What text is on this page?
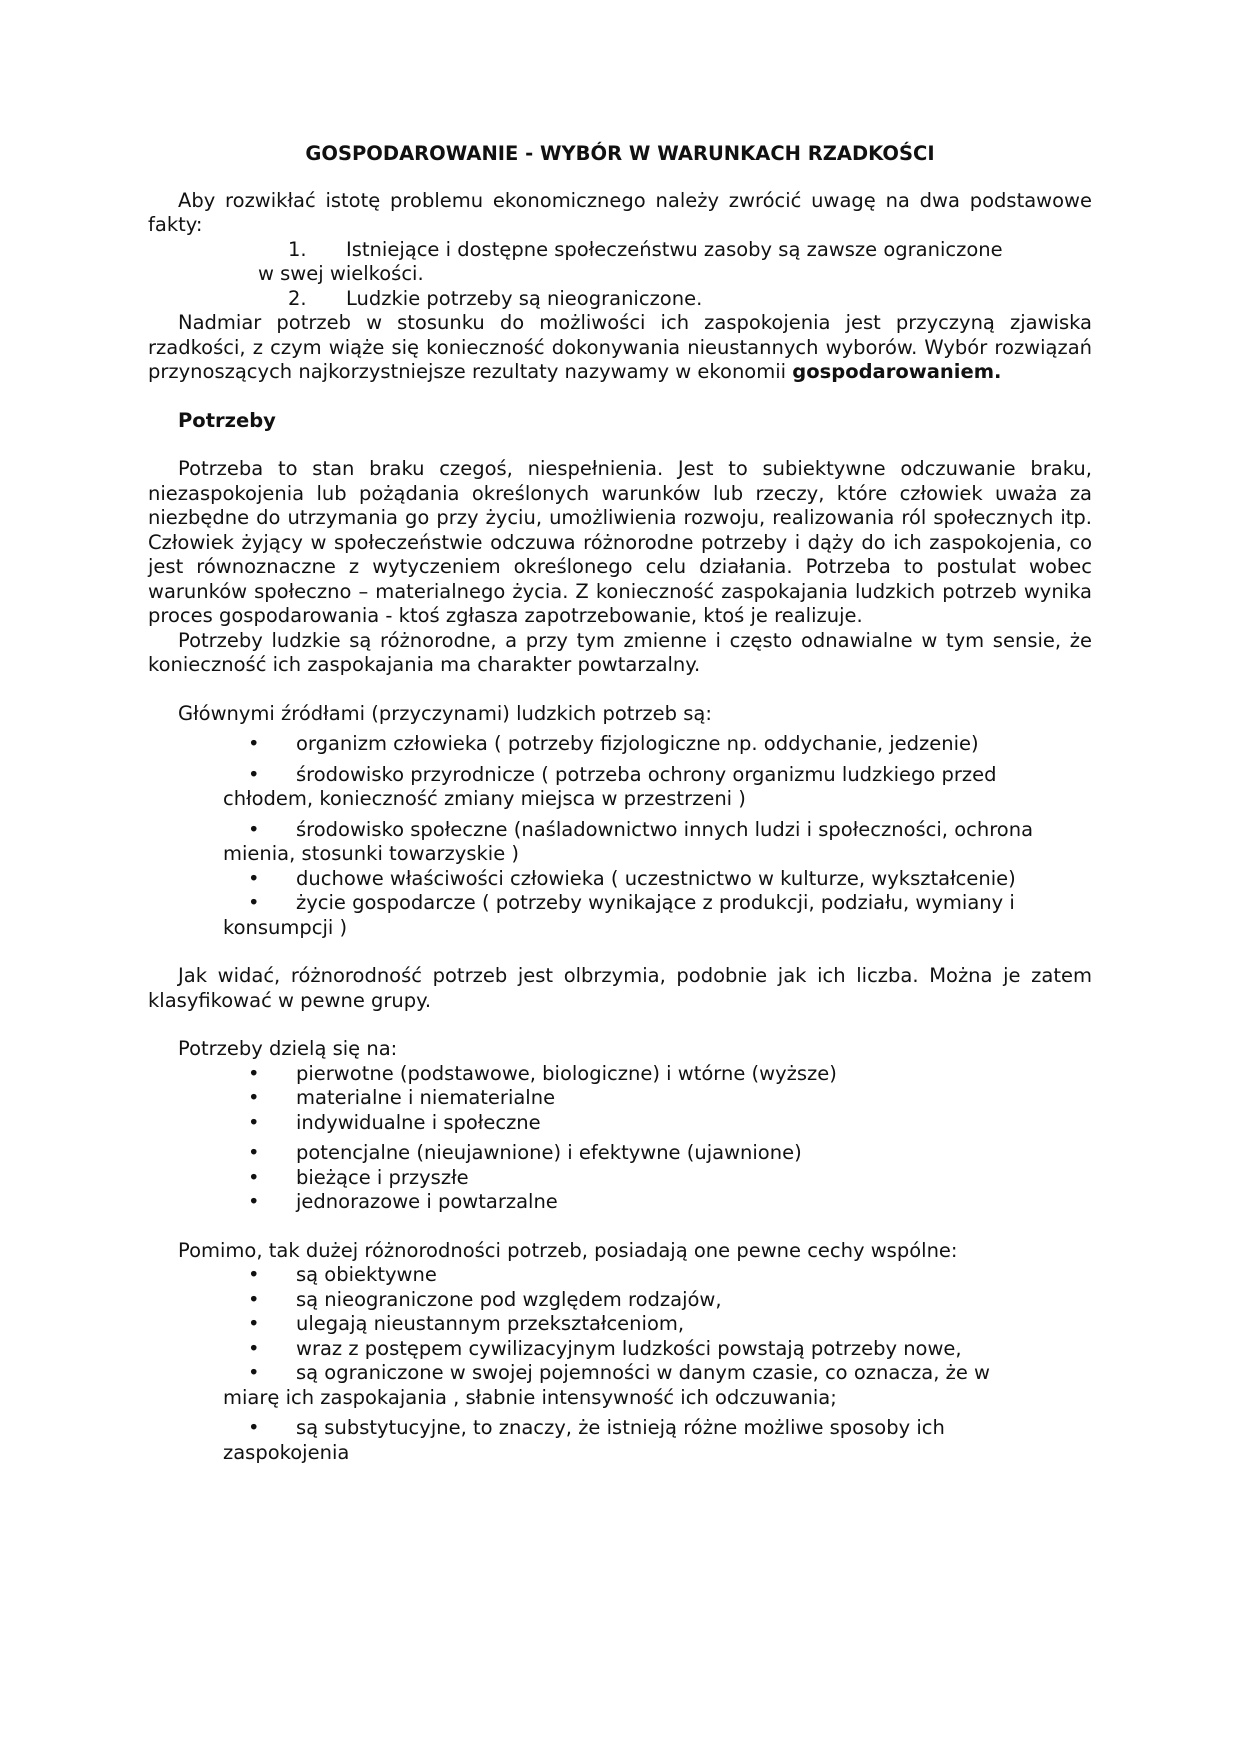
GOSPODAROWANIE - WYBÓR W WARUNKACH RZADKOŚCI

Aby rozwikłać istotę problemu ekonomicznego należy zwrócić uwagę na dwa podstawowe fakty:

1. Istniejące i dostępne społeczeństwu zasoby są zawsze ograniczone

w swej wielkości.

2. Ludzkie potrzeby są nieograniczone.

Nadmiar potrzeb w stosunku do możliwości ich zaspokojenia jest przyczyną zjawiska rzadkości, z czym wiąże się konieczność dokonywania nieustannych wyborów. Wybór rozwiązań przynoszących najkorzystniejsze rezultaty nazywamy w ekonomii gospodarowaniem.

Potrzeby

Potrzeba to stan braku czegoś, niespełnienia. Jest to subiektywne odczuwanie braku, niezaspokojenia lub pożądania określonych warunków lub rzeczy, które człowiek uważa za niezbędne do utrzymania go przy życiu, umożliwienia rozwoju, realizowania ról społecznych itp. Człowiek żyjący w społeczeństwie odczuwa różnorodne potrzeby i dąży do ich zaspokojenia, co jest równoznaczne z wytyczeniem określonego celu działania. Potrzeba to postulat wobec warunków społeczno – materialnego życia. Z konieczność zaspokajania ludzkich potrzeb wynika proces gospodarowania - ktoś zgłasza zapotrzebowanie, ktoś je realizuje.

Potrzeby ludzkie są różnorodne, a przy tym zmienne i często odnawialne w tym sensie, że konieczność ich zaspokajania ma charakter powtarzalny.

Głównymi źródłami (przyczynami) ludzkich potrzeb są:

•	organizm człowieka ( potrzeby fizjologiczne np. oddychanie, jedzenie)

• środowisko przyrodnicze ( potrzeba ochrony organizmu ludzkiego przed

chłodem, konieczność zmiany miejsca w przestrzeni )

• środowisko społeczne (naśladownictwo innych ludzi i społeczności, ochrona

mienia, stosunki towarzyskie )

• duchowe właściwości człowieka ( uczestnictwo w kulturze, wykształcenie)

• życie gospodarcze ( potrzeby wynikające z produkcji, podziału, wymiany i

konsumpcji )

Jak widać, różnorodność potrzeb jest olbrzymia, podobnie jak ich liczba. Można je zatem klasyfikować w pewne grupy.

Potrzeby dzielą się na:

•	pierwotne (podstawowe, biologiczne) i wtórne (wyższe)

•	materialne i niematerialne

•	indywidualne i społeczne

•	potencjalne (nieujawnione) i efektywne (ujawnione)

•	bieżące i przyszłe

•	jednorazowe i powtarzalne

Pomimo, tak dużej różnorodności potrzeb, posiadają one pewne cechy wspólne:

•	są obiektywne

•	są nieograniczone pod względem rodzajów,

•	ulegają nieustannym przekształceniom,

•	wraz z postępem cywilizacyjnym ludzkości powstają potrzeby nowe,

• są ograniczone w swojej pojemności w danym czasie, co oznacza, że w

miarę ich zaspokajania , słabnie intensywność ich odczuwania;

• są substytucyjne, to znaczy, że istnieją różne możliwe sposoby ich

zaspokojenia
